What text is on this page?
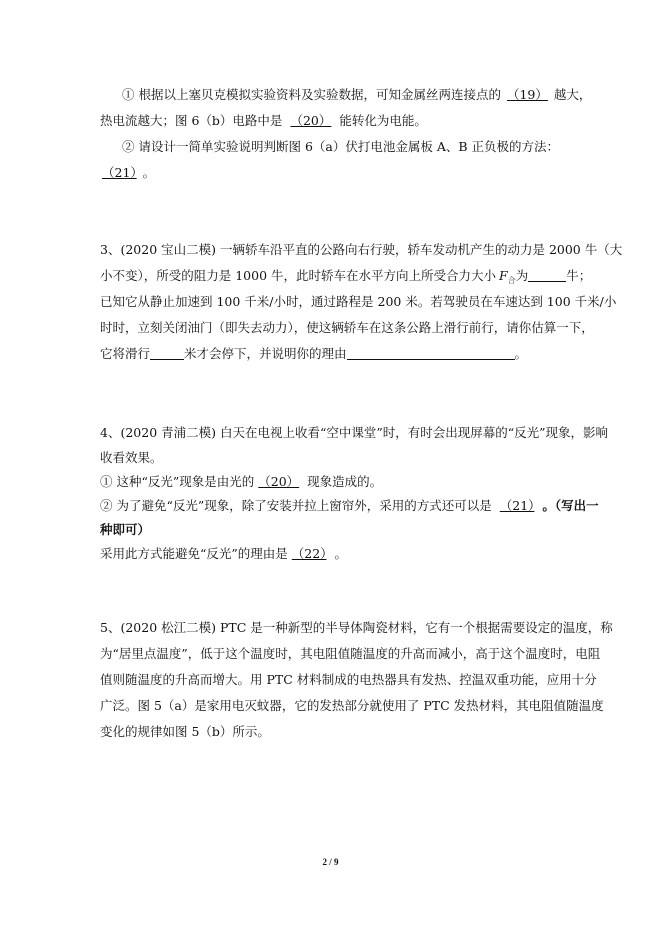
① 根据以上塞贝克模拟实验资料及实验数据，可知金属丝两连接点的 （19） 越大，
热电流越大；图 6（b）电路中是 （20） 能转化为电能。
② 请设计一简单实验说明判断图 6（a）伏打电池金属板 A、B 正负极的方法：
（21） 。
3、(2020 宝山二模) 一辆轿车沿平直的公路向右行驶，轿车发动机产生的动力是 2000 牛（大
小不变），所受的阻力是 1000 牛，此时轿车在水平方向上所受合力大小 $F_合$为	牛；
已知它从静止加速到 100 千米/小时，通过路程是 200 米。若驾驶员在车速达到 100 千米/小
时时，立刻关闭油门（即失去动力），使这辆轿车在这条公路上滑行前行，请你估算一下，
它将滑行	米才会停下，并说明你的理由	。
4、(2020 青浦二模) 白天在电视上收看“空中课堂”时，有时会出现屏幕的“反光”现象，影响
收看效果。
① 这种“反光”现象是由光的 （20） 现象造成的。
② 为了避免“反光”现象，除了安装并拉上窗帘外，采用的方式还可以是 （21） 。（写出一
种即可）
采用此方式能避免“反光”的理由是 （22） 。
5、(2020 松江二模) PTC 是一种新型的半导体陶瓷材料，它有一个根据需要设定的温度，称
为“居里点温度”，低于这个温度时，其电阻值随温度的升高而减小，高于这个温度时，电阻
值则随温度的升高而增大。用 PTC 材料制成的电热器具有发热、控温双重功能，应用十分
广泛。图 5（a）是家用电灭蚊器，它的发热部分就使用了 PTC 发热材料，其电阻值随温度
变化的规律如图 5（b）所示。
2 / 9
